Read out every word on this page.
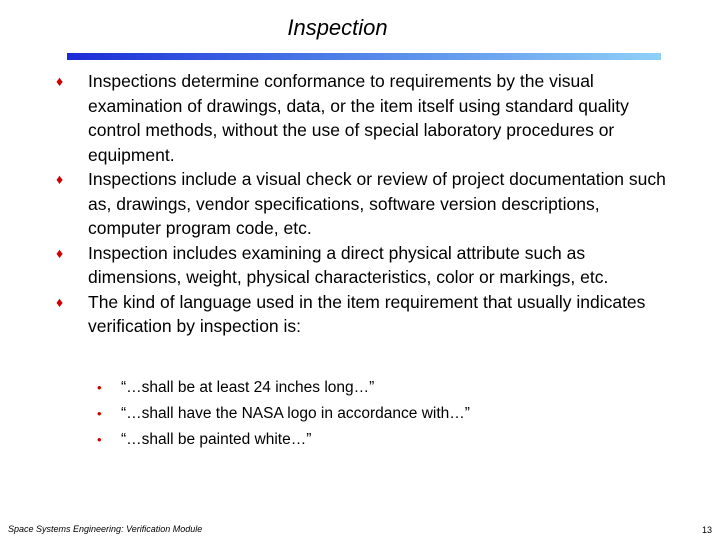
Inspection
♦ Inspections determine conformance to requirements by the visual examination of drawings, data, or the item itself using standard quality control methods, without the use of special laboratory procedures or equipment.
♦ Inspections include a visual check or review of project documentation such as, drawings, vendor specifications, software version descriptions, computer program code, etc.
♦ Inspection includes examining a direct physical attribute such as dimensions, weight, physical characteristics, color or markings, etc.
♦ The kind of language used in the item requirement that usually indicates verification by inspection is:
• “…shall be at least 24 inches long…”
• “…shall have the NASA logo in accordance with…”
• “…shall be painted white…”
Space Systems Engineering: Verification Module	13
